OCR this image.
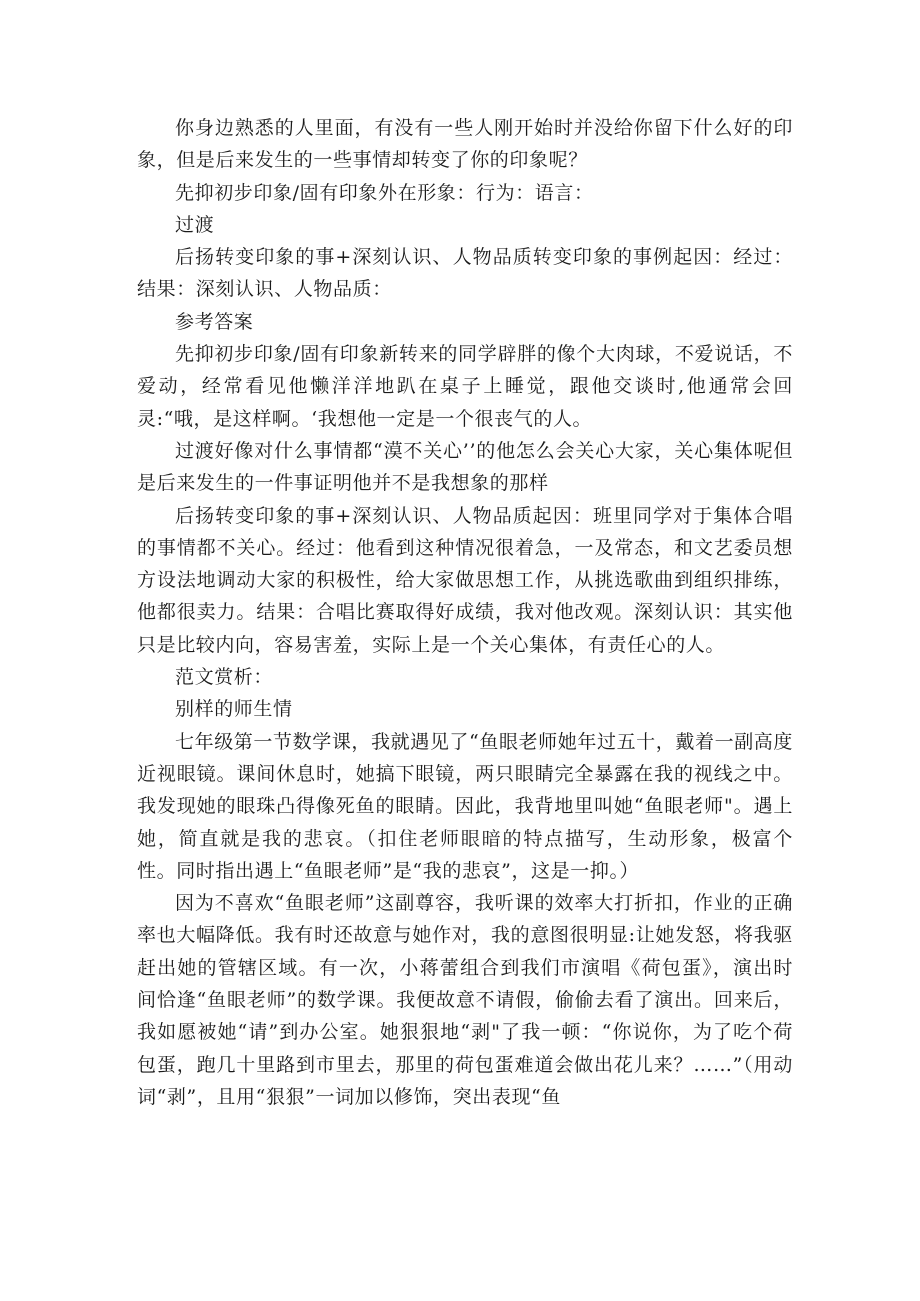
你身边熟悉的人里面，有没有一些人刚开始时并没给你留下什么好的印象，但是后来发生的一些事情却转变了你的印象呢？

先抑初步印象/固有印象外在形象：行为：语言：

过渡

后扬转变印象的事+深刻认识、人物品质转变印象的事例起因：经过：结果：深刻认识、人物品质：

参考答案

先抑初步印象/固有印象新转来的同学辟胖的像个大肉球，不爱说话，不爱动，经常看见他懒洋洋地趴在桌子上睡觉，跟他交谈时,他通常会回灵:“哦，是这样啊。‘我想他一定是一个很丧气的人。

过渡好像对什么事情都“漠不关心’’的他怎么会关心大家，关心集体呢但是后来发生的一件事证明他并不是我想象的那样

后扬转变印象的事+深刻认识、人物品质起因：班里同学对于集体合唱的事情都不关心。经过：他看到这种情况很着急，一及常态，和文艺委员想方设法地调动大家的积极性，给大家做思想工作，从挑选歌曲到组织排练，他都很卖力。结果：合唱比赛取得好成绩，我对他改观。深刻认识：其实他只是比较内向，容易害羞，实际上是一个关心集体，有责任心的人。

范文赏析：

别样的师生情

七年级第一节数学课，我就遇见了“鱼眼老师她年过五十，戴着一副高度近视眼镜。课间休息时，她搞下眼镜，两只眼睛完全暴露在我的视线之中。我发现她的眼珠凸得像死鱼的眼睛。因此，我背地里叫她“鱼眼老师"。遇上她，简直就是我的悲哀。（扣住老师眼暗的特点描写，生动形象，极富个性。同时指出遇上“鱼眼老师”是“我的悲哀”，这是一抑。）

因为不喜欢“鱼眼老师”这副尊容，我听课的效率大打折扣，作业的正确率也大幅降低。我有时还故意与她作对，我的意图很明显:让她发怒，将我驱赶出她的管辖区域。有一次，小蒋蕾组合到我们市演唱《荷包蛋》，演出时间恰逢“鱼眼老师”的数学课。我便故意不请假，偷偷去看了演出。回来后，我如愿被她“请”到办公室。她狠狠地“剥"了我一顿：“你说你，为了吃个荷包蛋，跑几十里路到市里去，那里的荷包蛋难道会做出花儿来？……”（用动词“剥”，且用“狠狠”一词加以修饰，突出表现“鱼
